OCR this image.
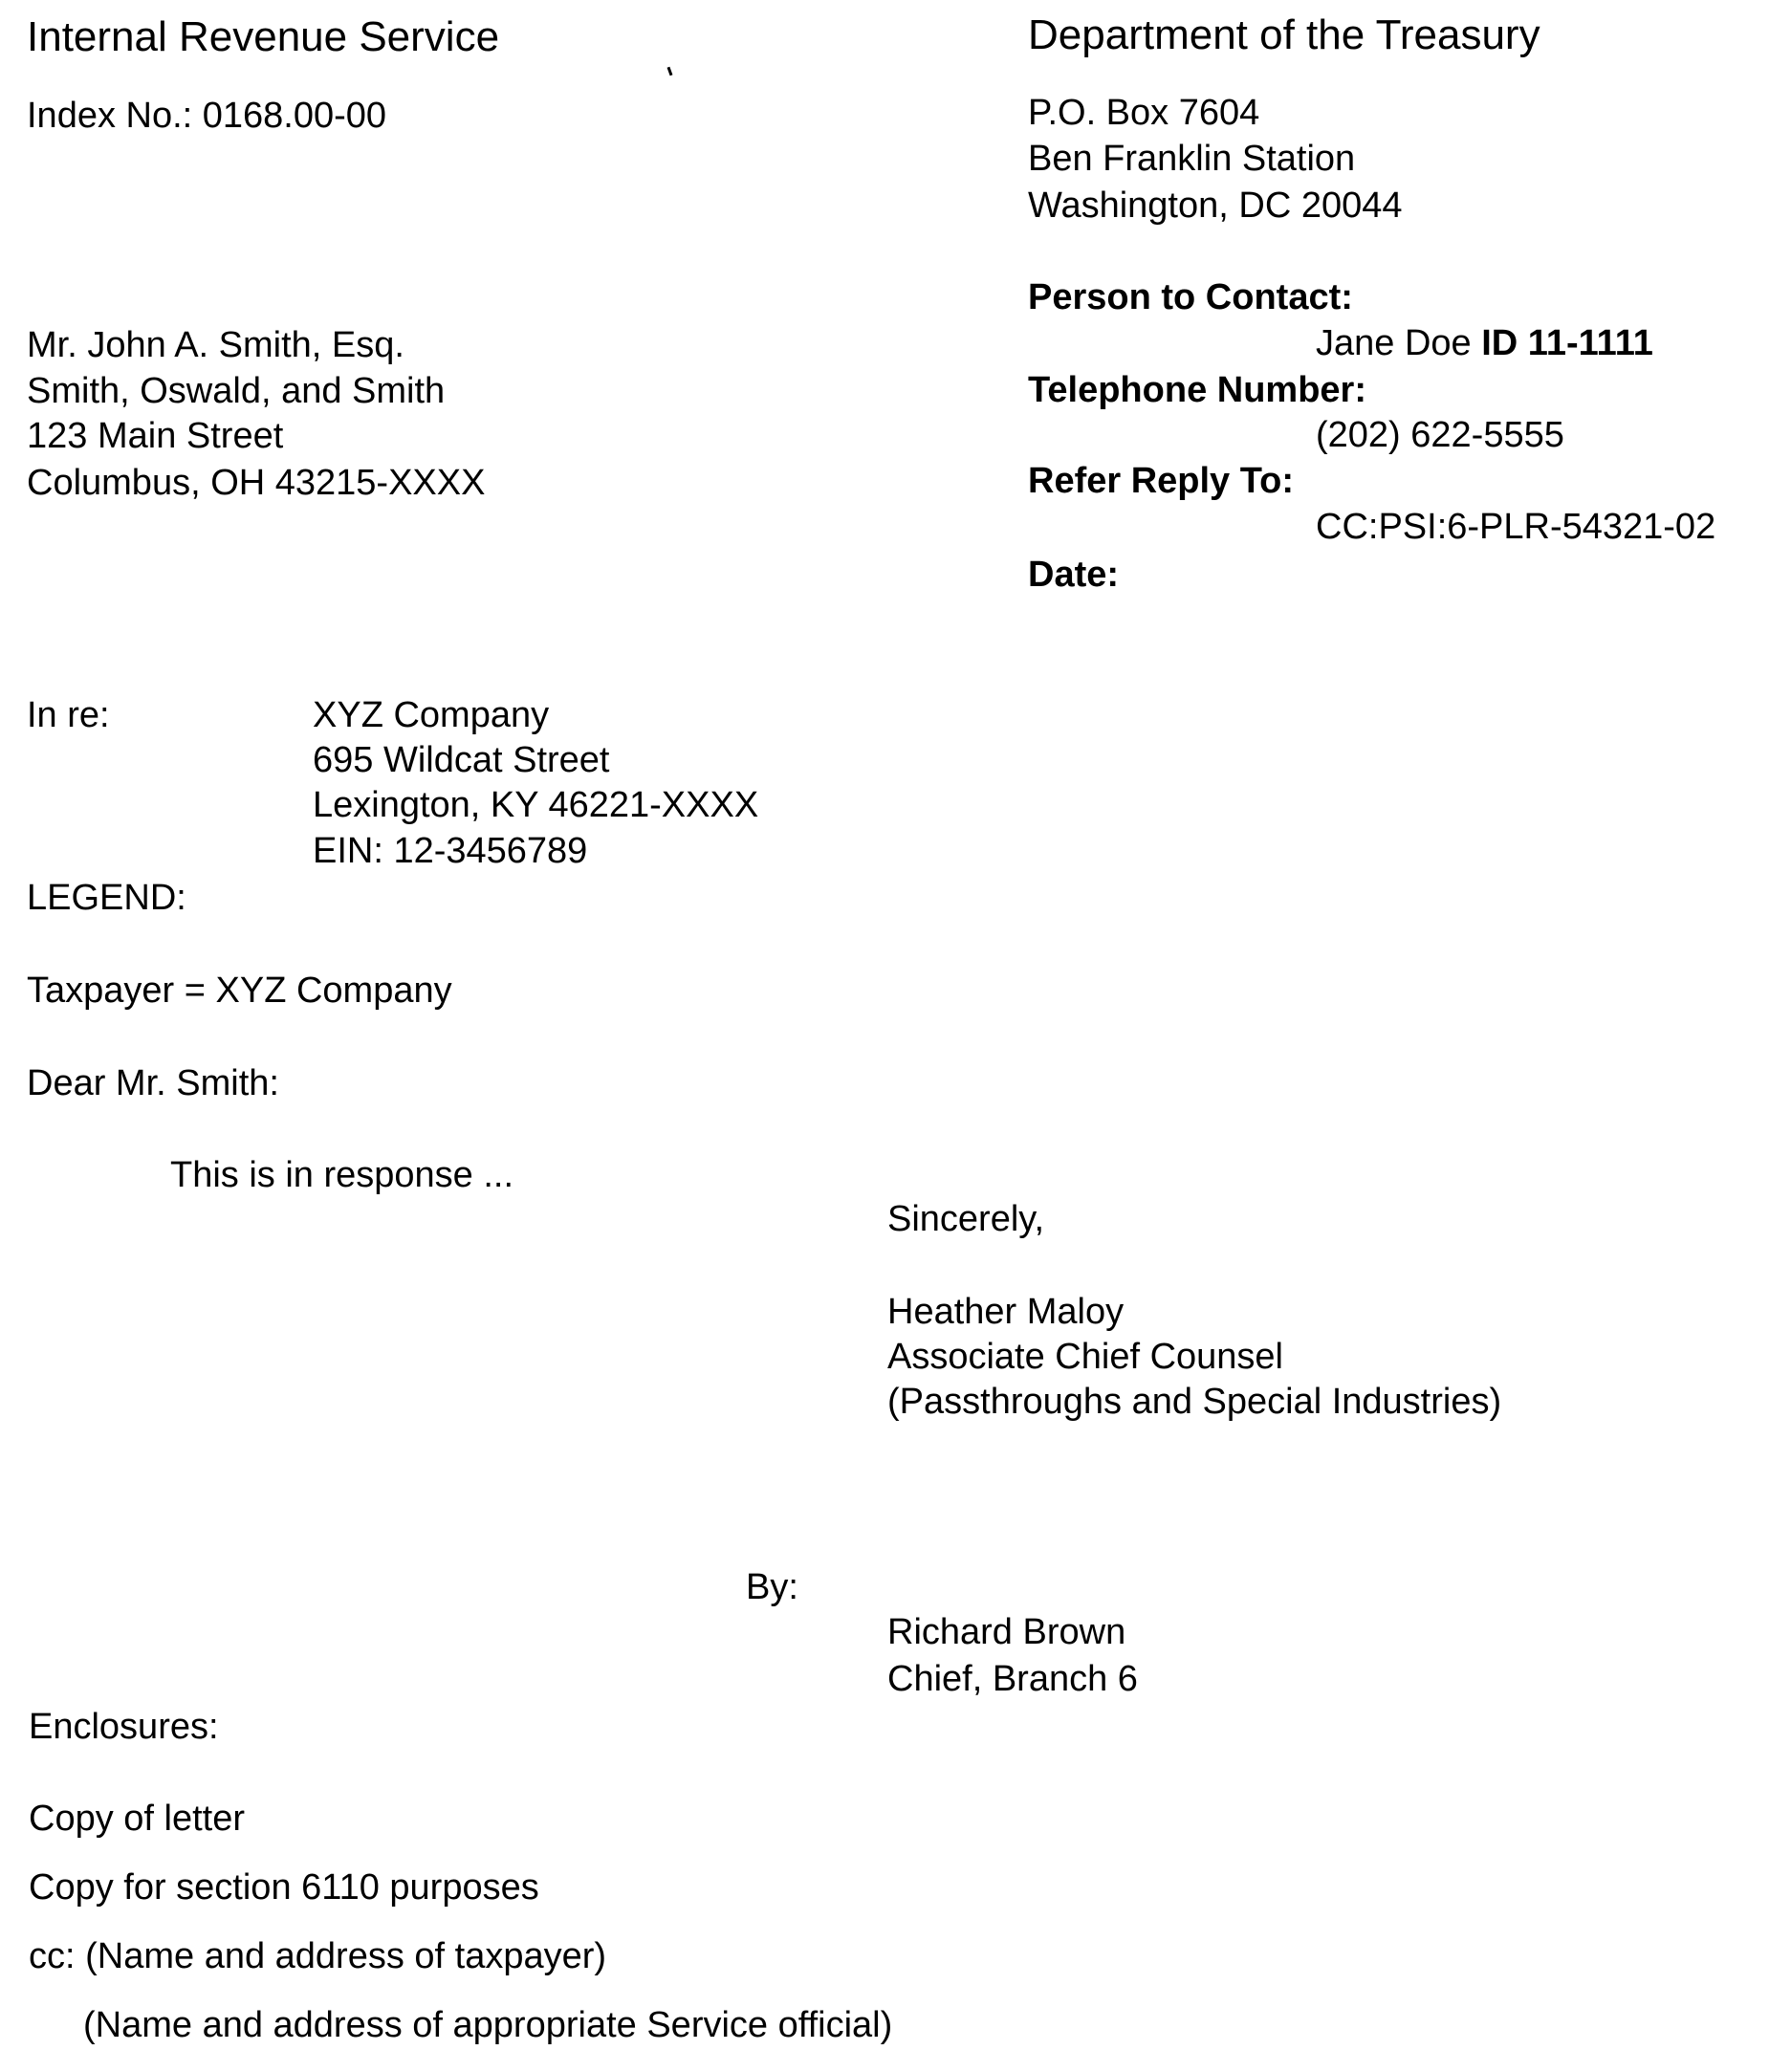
Internal Revenue Service
Index No.: 0168.00-00
Department of the Treasury
P.O. Box 7604
Ben Franklin Station
Washington, DC 20044
Person to Contact:
Jane Doe ID 11-1111
Telephone Number:
(202) 622-5555
Refer Reply To:
CC:PSI:6-PLR-54321-02
Date:
Mr. John A. Smith, Esq.
Smith, Oswald, and Smith
123 Main Street
Columbus, OH 43215-XXXX
In re:	XYZ Company
695 Wildcat Street
Lexington, KY 46221-XXXX
EIN: 12-3456789
LEGEND:
Taxpayer = XYZ Company
Dear Mr. Smith:
This is in response ...
Sincerely,
Heather Maloy
Associate Chief Counsel
(Passthroughs and Special Industries)
By:
Richard Brown
Chief, Branch 6
Enclosures:
Copy of letter
Copy for section 6110 purposes
cc: (Name and address of taxpayer)
(Name and address of appropriate Service official)
